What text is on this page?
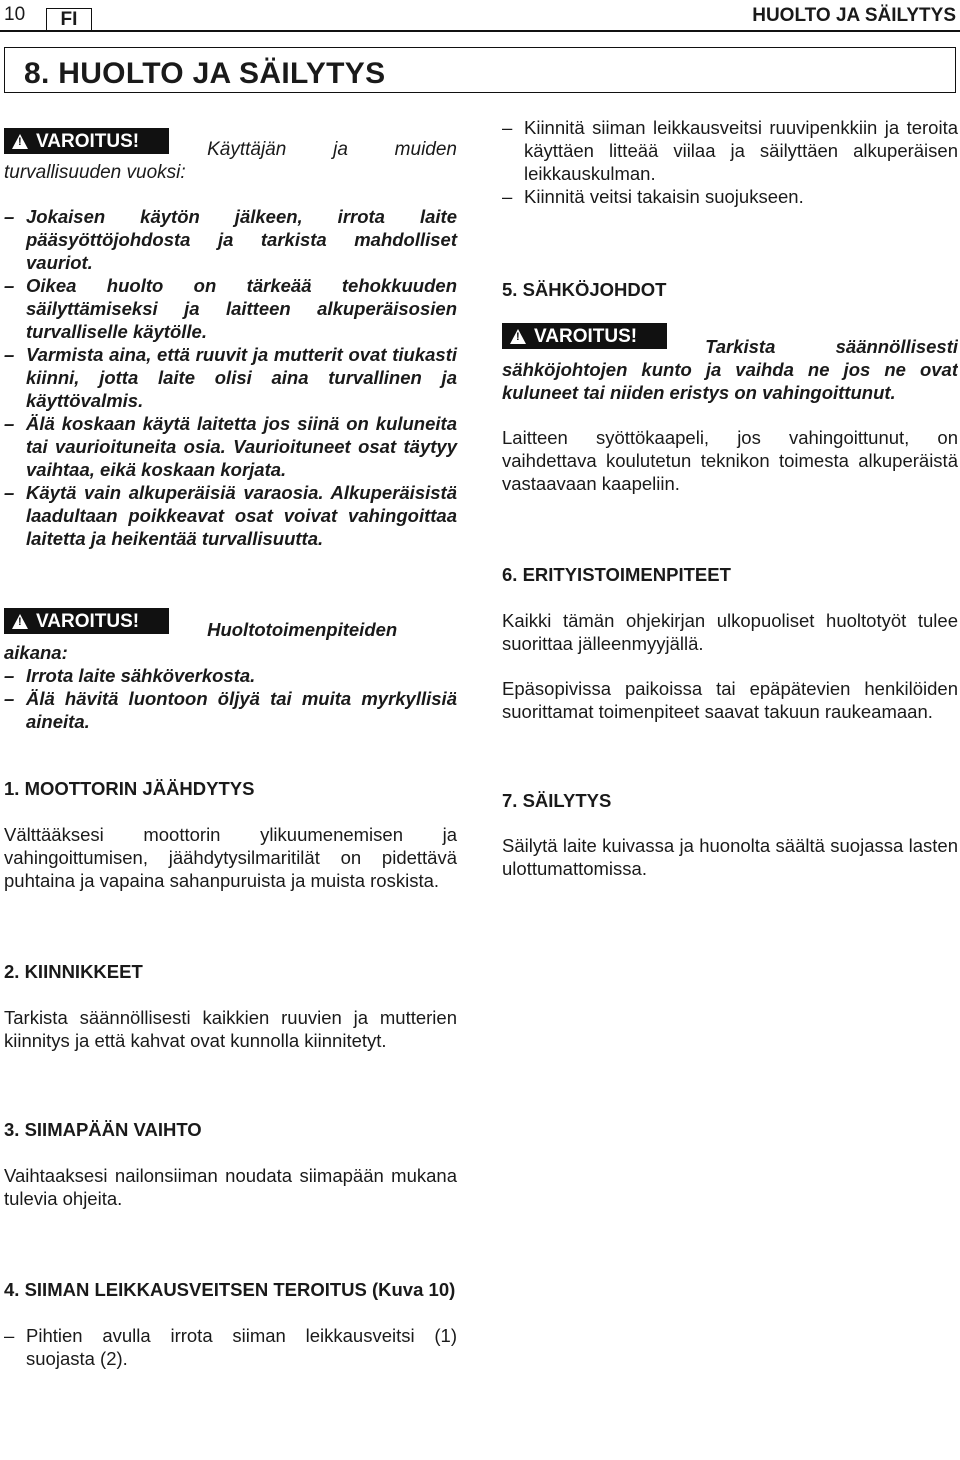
10	FI	HUOLTO JA SÄILYTYS
8. HUOLTO JA SÄILYTYS
!
VAROITUS!	Käyttäjän ja muiden turvallisuuden vuoksi:

– Jokaisen käytön jälkeen, irrota laite pääsyöttöjohdosta ja tarkista mahdolliset vauriot.
– Oikea huolto on tärkeää tehokkuuden säilyttämiseksi ja laitteen alkuperäisosien turvalliselle käytölle.
– Varmista aina, että ruuvit ja mutterit ovat tiukasti kiinni, jotta laite olisi aina turvallinen ja käyttövalmis.
– Älä koskaan käytä laitetta jos siinä on kuluneita tai vaurioituneita osia. Vaurioituneet osat täytyy vaihtaa, eikä koskaan korjata.
– Käytä vain alkuperäisiä varaosia. Alkuperäisistä laadultaan poikkeavat osat voivat vahingoittaa laitetta ja heikentää turvallisuutta.
!
VAROITUS!	Huoltotoimenpiteiden aikana:

– Irrota laite sähköverkosta.
– Älä hävitä luontoon öljyä tai muita myrkyllisiä aineita.

1. MOOTTORIN JÄÄHDYTYS

Välttääksesi moottorin ylikuumenemisen ja vahingoittumisen, jäähdytysilmaritilät on pidettävä puhtaina ja vapaina sahanpuruista ja muista roskista.

2. KIINNIKKEET

Tarkista säännöllisesti kaikkien ruuvien ja mutterien kiinnitys ja että kahvat ovat kunnolla kiinnitetyt.

3. SIIMAPÄÄN VAIHTO

Vaihtaaksesi nailonsiiman noudata siimapään mukana tulevia ohjeita.

4. SIIMAN LEIKKAUSVEITSEN TEROITUS (Kuva 10)

– Pihtien avulla irrota siiman leikkausveitsi (1) suojasta (2).
– Kiinnitä siiman leikkausveitsi ruuvipenkkiin ja teroita käyttäen litteää viilaa ja säilyttäen alkuperäisen leikkauskulman.
– Kiinnitä veitsi takaisin suojukseen.

5. SÄHKÖJOHDOT

!
VAROITUS!	Tarkista säännöllisesti sähköjohtojen kunto ja vaihda ne jos ne ovat kuluneet tai niiden eristys on vahingoittunut.

Laitteen syöttökaapeli, jos vahingoittunut, on vaihdettava koulutetun teknikon toimesta alkuperäistä vastaavaan kaapeliin.

6. ERITYISTOIMENPITEET

Kaikki tämän ohjekirjan ulkopuoliset huoltotyöt tulee suorittaa jälleenmyyjällä.

Epäsopivissa paikoissa tai epäpätevien henkilöiden suorittamat toimenpiteet saavat takuun raukeamaan.

7. SÄILYTYS

Säilytä laite kuivassa ja huonolta säältä suojassa lasten ulottumattomissa.
